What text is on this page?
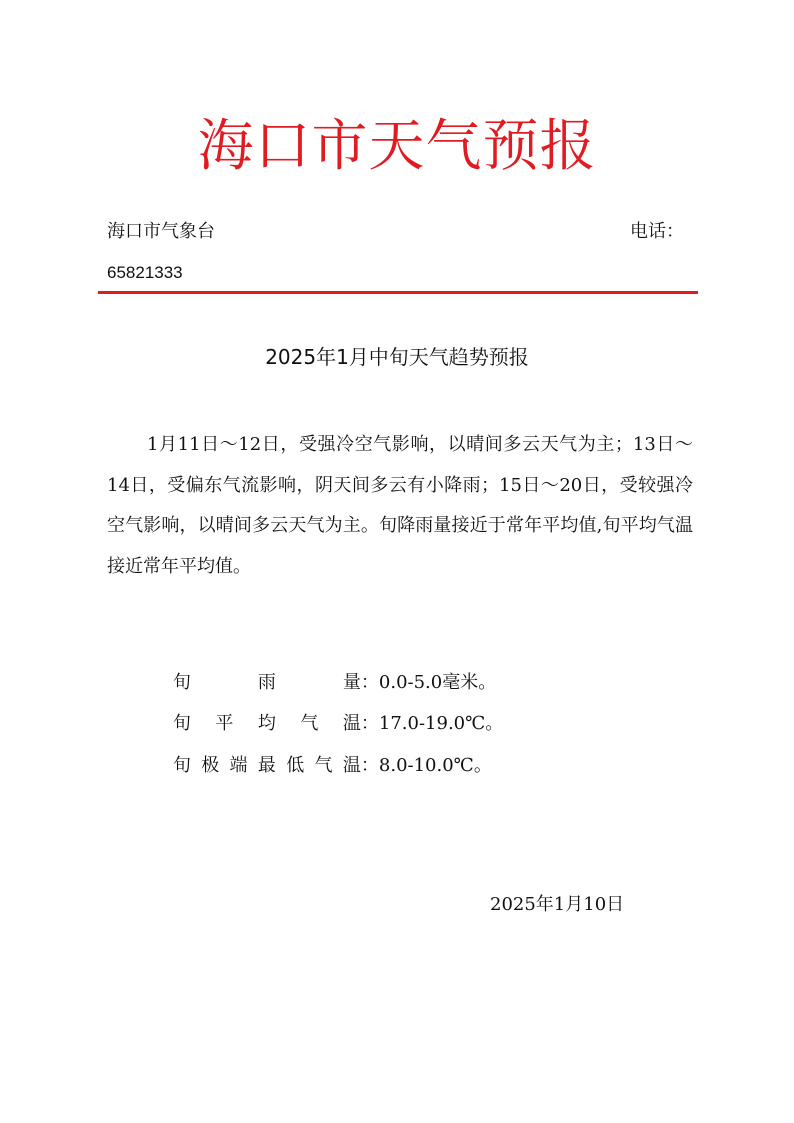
海口市天气预报
海口市气象台	电话：
65821333
2025年1月中旬天气趋势预报

1月11日～12日，受强冷空气影响，以晴间多云天气为主；13日～14日，受偏东气流影响，阴天间多云有小降雨；15日～20日，受较强冷空气影响，以晴间多云天气为主。旬降雨量接近于常年平均值,旬平均气温接近常年平均值。

旬雨量：0.0-5.0毫米。

旬平均气温：17.0-19.0℃。

旬极端最低气温：8.0-10.0℃。

2025年1月10日
